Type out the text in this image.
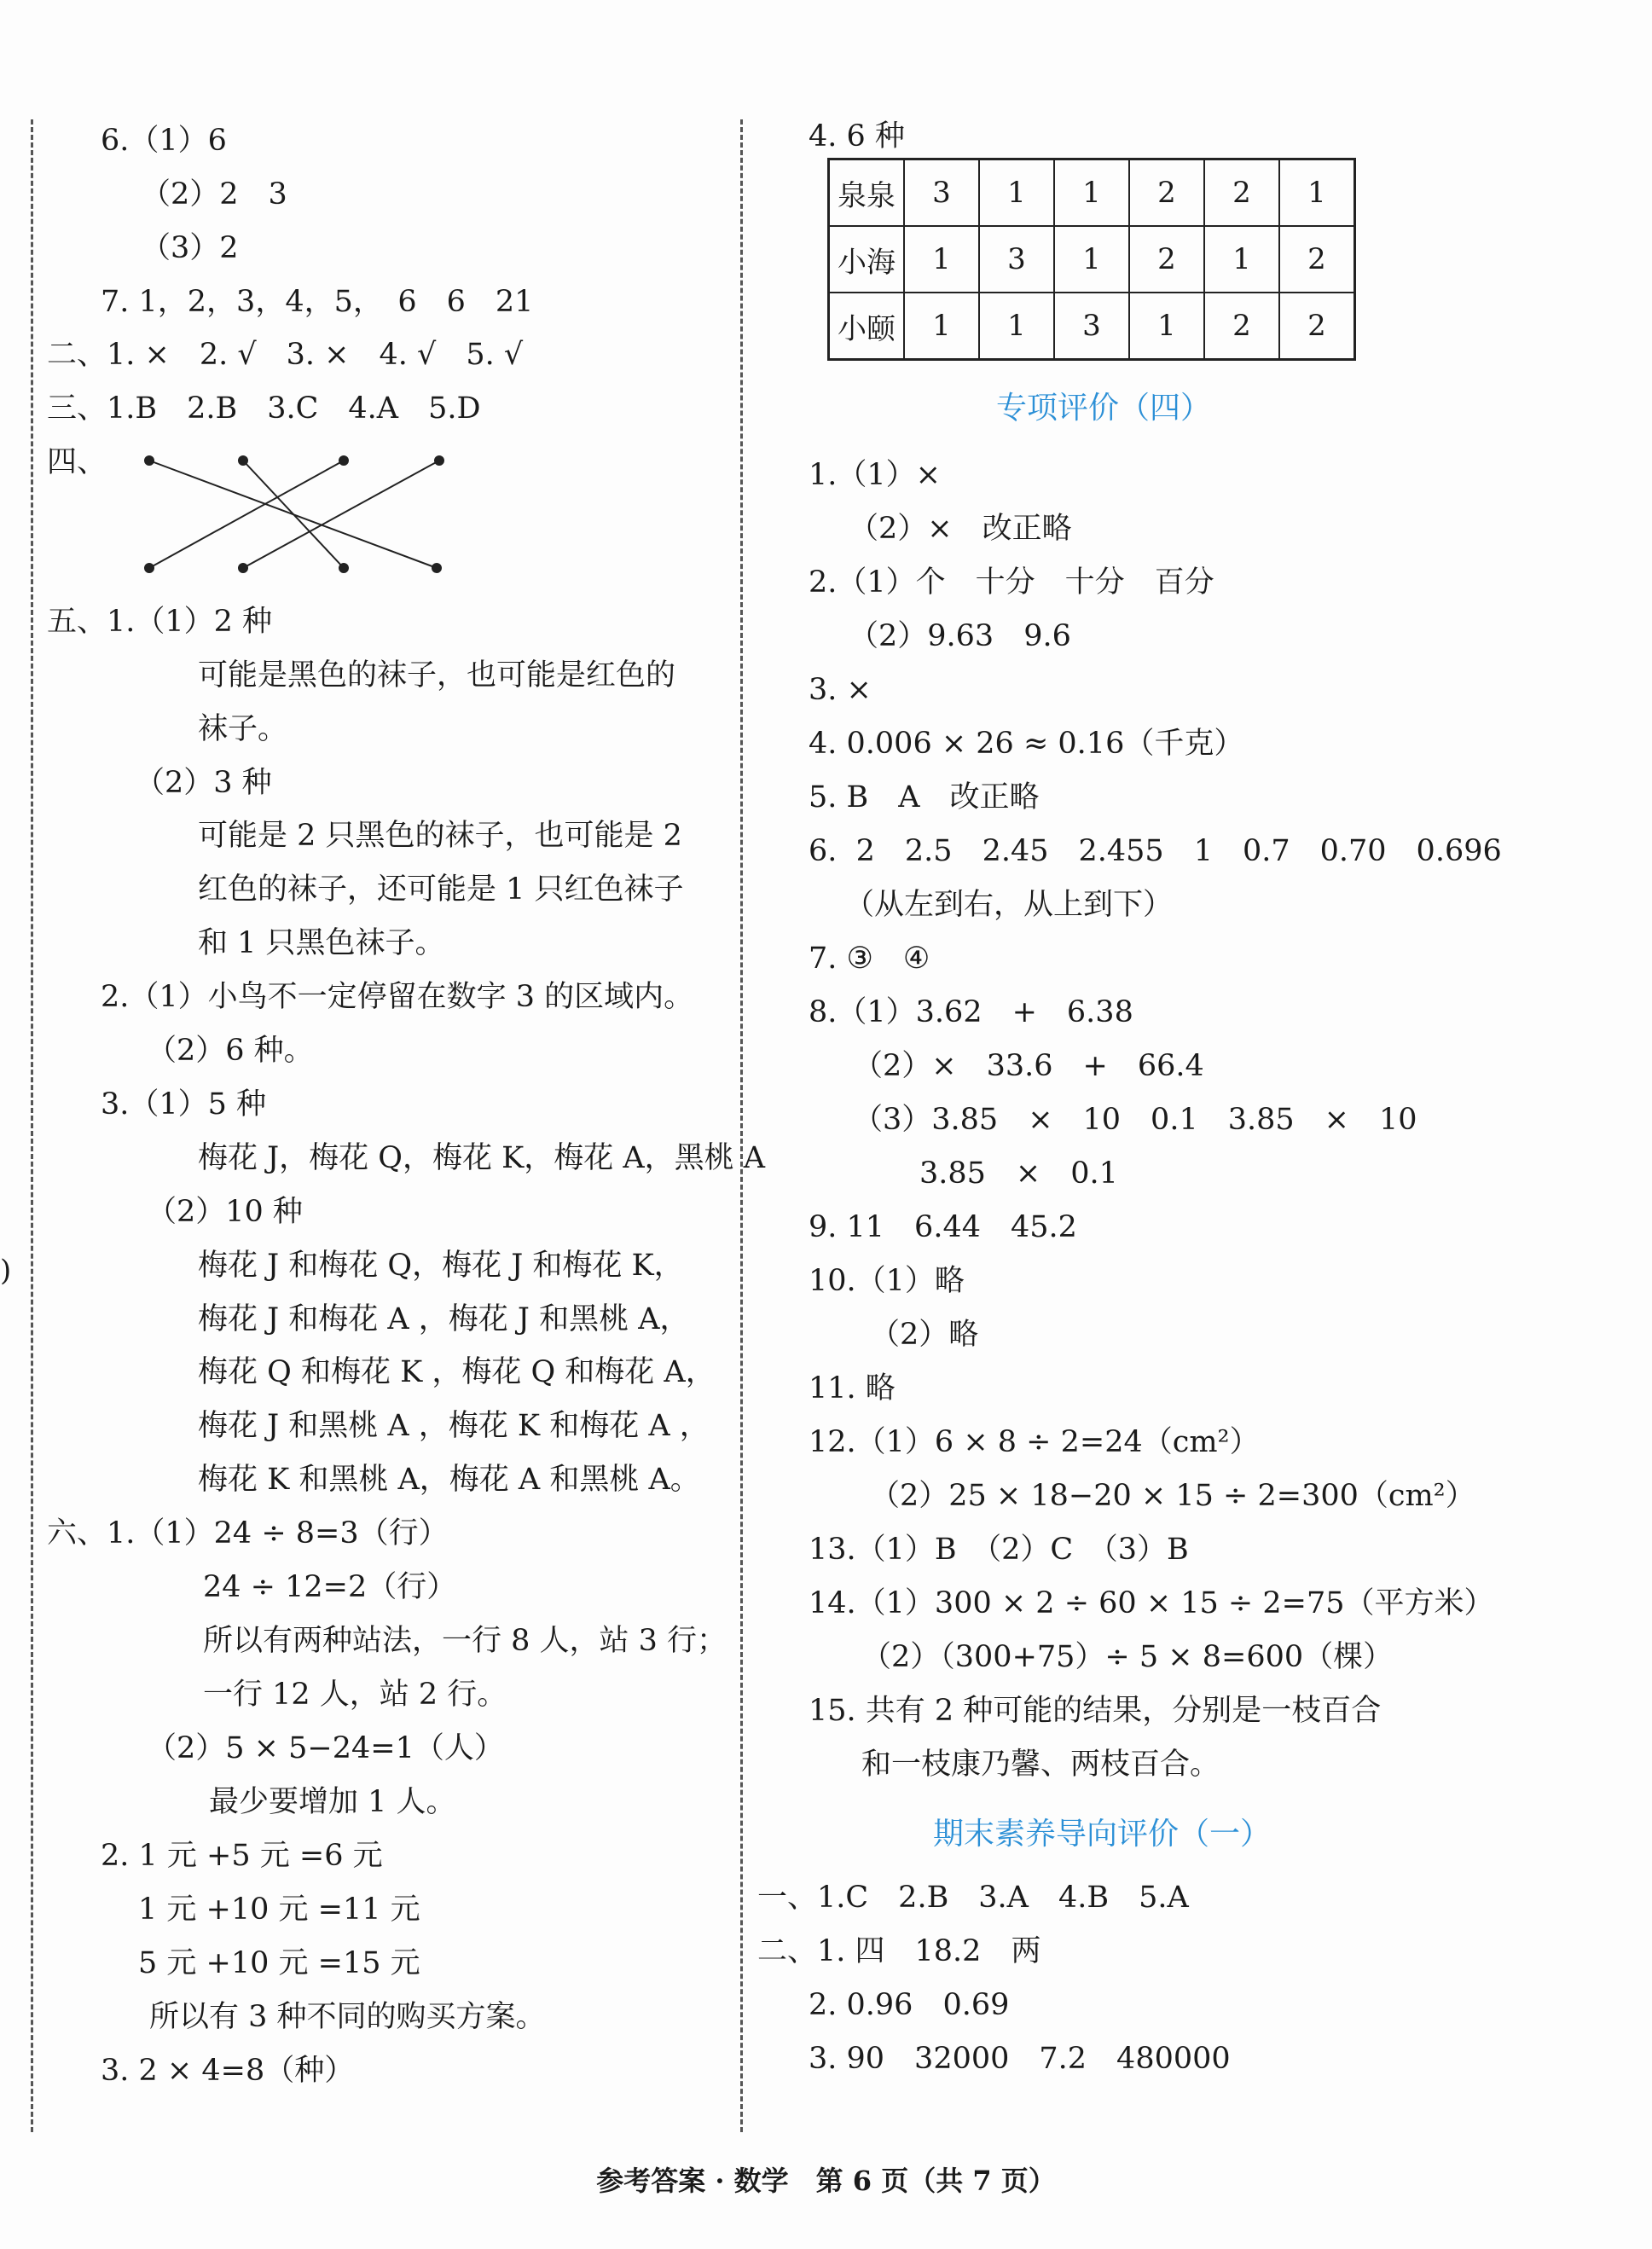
)
6.（1）6
（2）2　3
（3）2
7. 1，2，3，4，5，　6　6　21
二、1. ×　2. √　3. ×　4. √　5. √
三、1.B　2.B　3.C　4.A　5.D
四、
五、1.（1）2 种
可能是黑色的袜子，也可能是红色的
袜子。
（2）3 种
可能是 2 只黑色的袜子，也可能是 2
红色的袜子，还可能是 1 只红色袜子
和 1 只黑色袜子。
2.（1）小鸟不一定停留在数字 3 的区域内。
（2）6 种。
3.（1）5 种
梅花 J，梅花 Q，梅花 K，梅花 A，黑桃 A
（2）10 种
梅花 J 和梅花 Q，梅花 J 和梅花 K，
梅花 J 和梅花 A ，梅花 J 和黑桃 A，
梅花 Q 和梅花 K ，梅花 Q 和梅花 A，
梅花 J 和黑桃 A ，梅花 K 和梅花 A ，
梅花 K 和黑桃 A，梅花 A 和黑桃 A。
六、1.（1）24 ÷ 8=3（行）
24 ÷ 12=2（行）
所以有两种站法，一行 8 人，站 3 行；
一行 12 人，站 2 行。
（2）5 × 5−24=1（人）
最少要增加 1 人。
2. 1 元 +5 元 =6 元
1 元 +10 元 =11 元
5 元 +10 元 =15 元
所以有 3 种不同的购买方案。
3. 2 × 4=8（种）
4. 6 种
1.（1）×
（2）×　改正略
2.（1）个　十分　十分　百分
（2）9.63　9.6
3. ×
4. 0.006 × 26 ≈ 0.16（千克）
5. B　A　改正略
6.  2　2.5　2.45　2.455　1　0.7　0.70　0.696
（从左到右，从上到下）
7. ③　④
8.（1）3.62　+　6.38
（2）×　33.6　+　66.4
（3）3.85　×　10　0.1　3.85　×　10
3.85　×　0.1
9. 11　6.44　45.2
10.（1）略
（2）略
11. 略
12.（1）6 × 8 ÷ 2=24（cm²）
（2）25 × 18−20 × 15 ÷ 2=300（cm²）
13.（1）B　（2）C　（3）B
14.（1）300 × 2 ÷ 60 × 15 ÷ 2=75（平方米）
（2）（300+75）÷ 5 × 8=600（棵）
15. 共有 2 种可能的结果，分别是一枝百合
和一枝康乃馨、两枝百合。
一、1.C　2.B　3.A　4.B　5.A
二、1. 四　18.2　两
2. 0.96　0.69
3. 90　32000　7.2　480000
泉泉	3	1	1	2	2	1
小海	1	3	1	2	1	2
小颐	1	1	3	1	2	2
专项评价（四）
期末素养导向评价（一）
参考答案 · 数学　第 6 页（共 7 页）
